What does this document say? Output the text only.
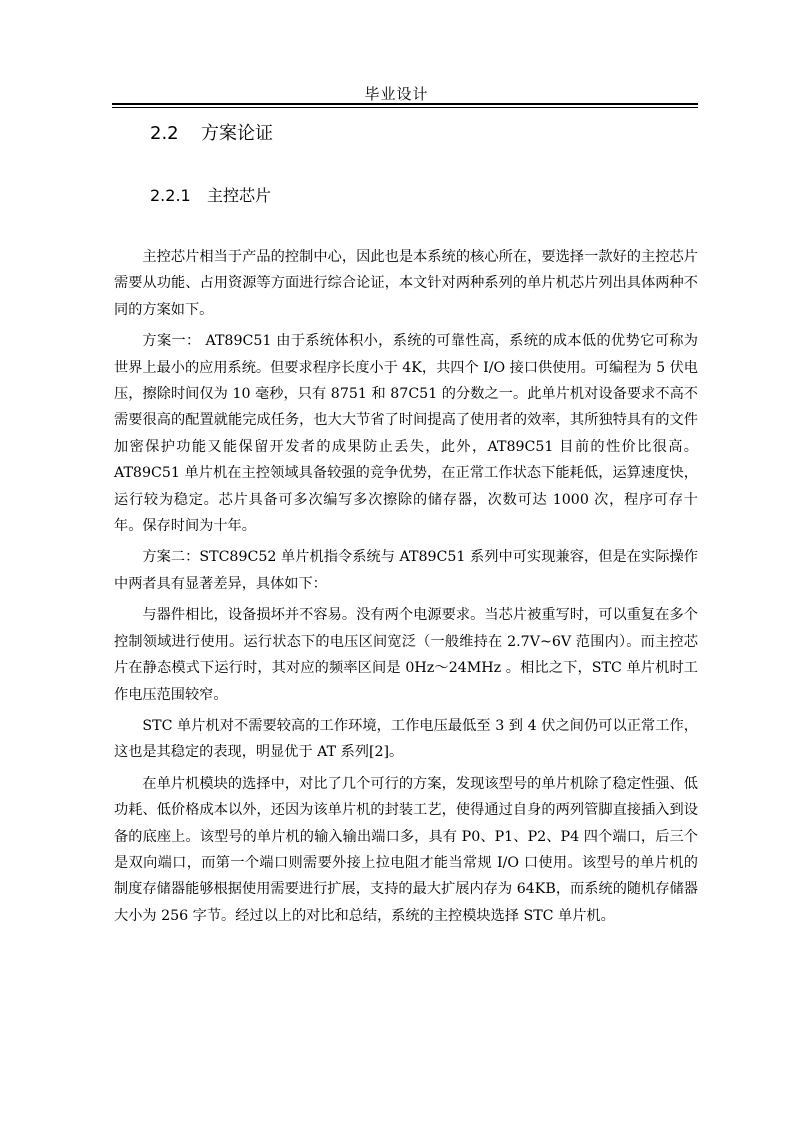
毕业设计
2.2 方案论证
2.2.1 主控芯片

主控芯片相当于产品的控制中心，因此也是本系统的核心所在，要选择一款好的主控芯片需要从功能、占用资源等方面进行综合论证，本文针对两种系列的单片机芯片列出具体两种不同的方案如下。

方案一： AT89C51 由于系统体积小，系统的可靠性高，系统的成本低的优势它可称为世界上最小的应用系统。但要求程序长度小于 4K，共四个 I/O 接口供使用。可编程为 5 伏电压，擦除时间仅为 10 毫秒，只有 8751 和 87C51 的分数之一。此单片机对设备要求不高不需要很高的配置就能完成任务，也大大节省了时间提高了使用者的效率，其所独特具有的文件加密保护功能又能保留开发者的成果防止丢失，此外，AT89C51 目前的性价比很高。 AT89C51 单片机在主控领域具备较强的竞争优势，在正常工作状态下能耗低，运算速度快，运行较为稳定。芯片具备可多次编写多次擦除的储存器，次数可达 1000 次，程序可存十年。保存时间为十年。

方案二：STC89C52 单片机指令系统与 AT89C51 系列中可实现兼容，但是在实际操作中两者具有显著差异，具体如下：

与器件相比，设备损坏并不容易。没有两个电源要求。当芯片被重写时，可以重复在多个控制领域进行使用。运行状态下的电压区间宽泛（一般维持在 2.7V~6V 范围内）。而主控芯片在静态模式下运行时，其对应的频率区间是 0Hz～24MHz 。相比之下，STC 单片机时工作电压范围较窄。

STC 单片机对不需要较高的工作环境，工作电压最低至 3 到 4 伏之间仍可以正常工作，这也是其稳定的表现，明显优于 AT 系列[2]。

在单片机模块的选择中，对比了几个可行的方案，发现该型号的单片机除了稳定性强、低功耗、低价格成本以外，还因为该单片机的封装工艺，使得通过自身的两列管脚直接插入到设备的底座上。该型号的单片机的输入输出端口多，具有 P0、P1、P2、P4 四个端口，后三个是双向端口，而第一个端口则需要外接上拉电阻才能当常规 I/O 口使用。该型号的单片机的制度存储器能够根据使用需要进行扩展，支持的最大扩展内存为 64KB，而系统的随机存储器大小为 256 字节。经过以上的对比和总结，系统的主控模块选择 STC 单片机。
